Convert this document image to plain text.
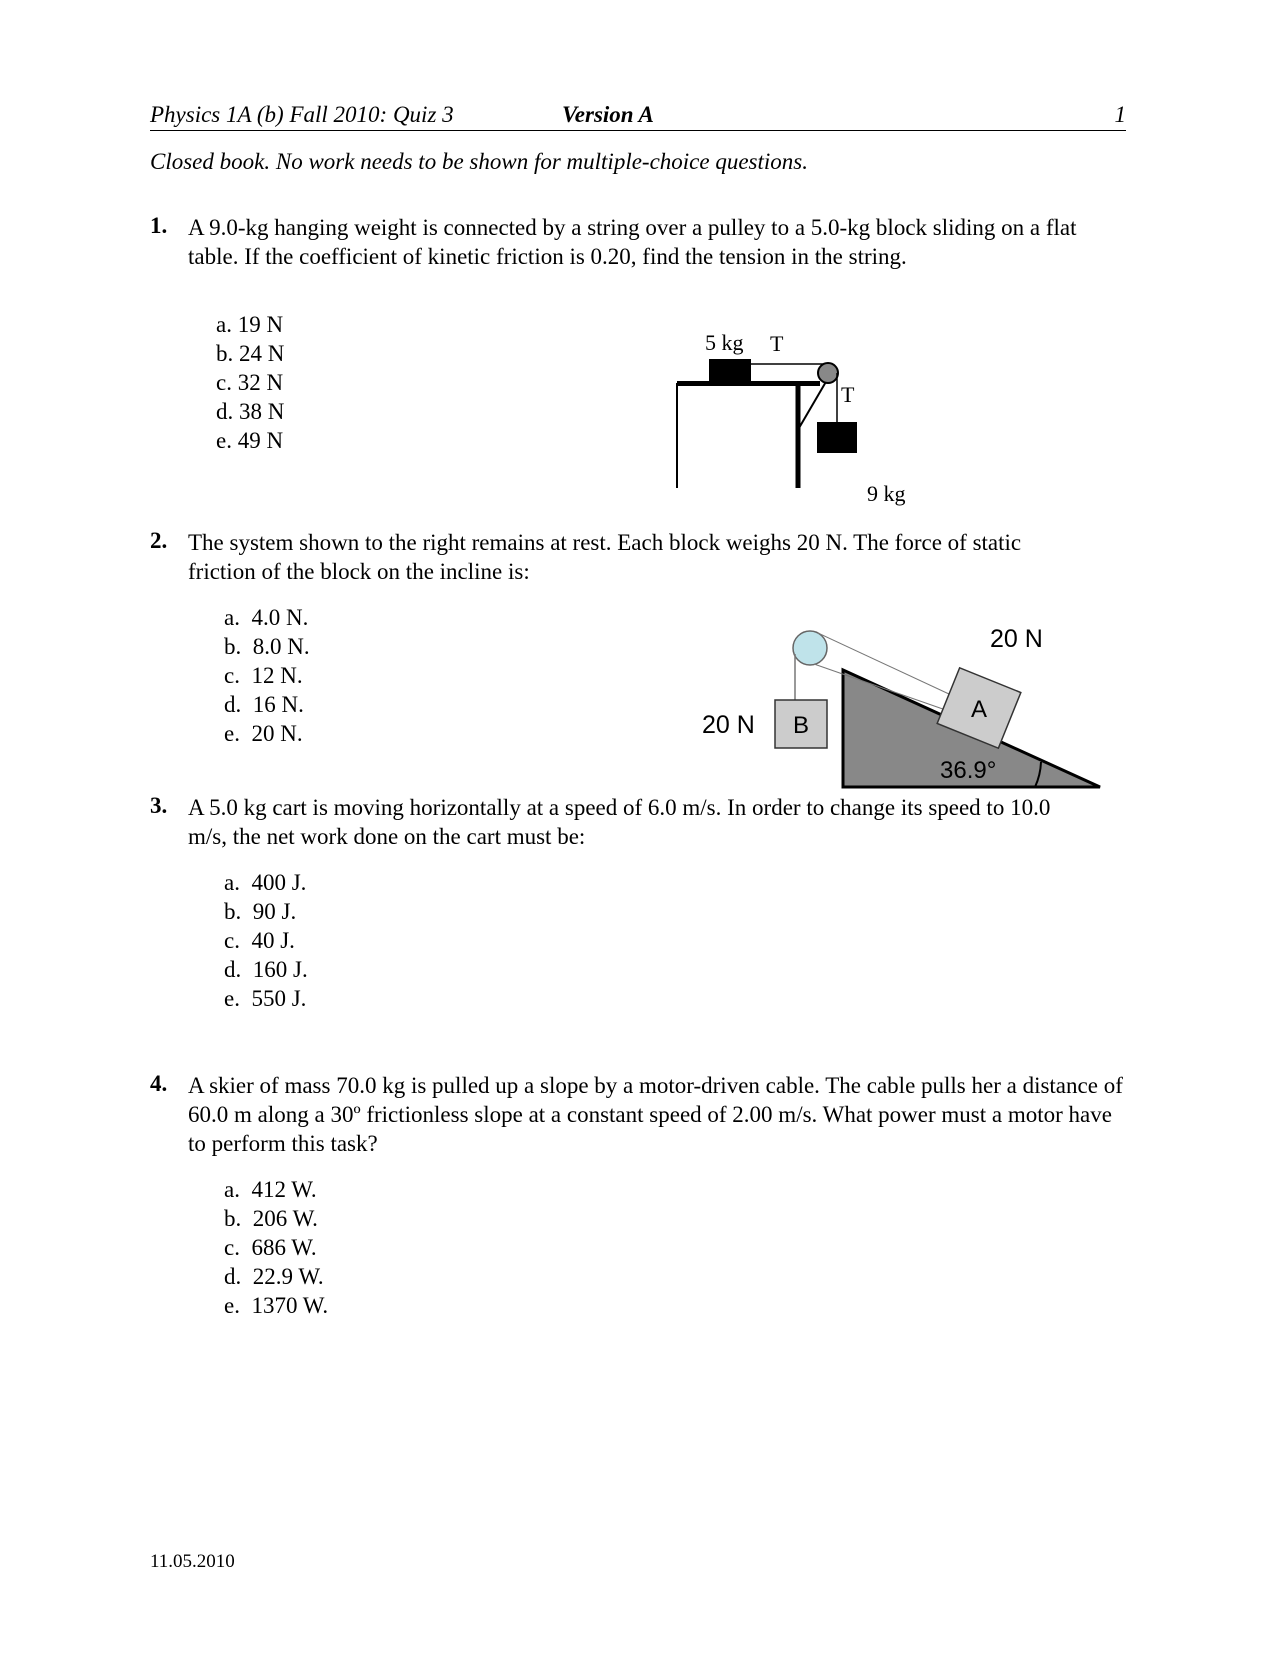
Physics 1A (b) Fall 2010: Quiz 3	Version A	1
Closed book. No work needs to be shown for multiple-choice questions.
1. A 9.0-kg hanging weight is connected by a string over a pulley to a 5.0-kg block sliding on a flat table. If the coefficient of kinetic friction is 0.20, find the tension in the string.
a. 19 N
b. 24 N
c. 32 N
d. 38 N
e. 49 N
5 kg T
T
9 kg
2. The system shown to the right remains at rest. Each block weighs 20 N. The force of static friction of the block on the incline is:
a.  4.0 N.
b.  8.0 N.
c.  12 N.
d.  16 N.
e.  20 N.
A
20 N
B
20 N
36.9°
3. A 5.0 kg cart is moving horizontally at a speed of 6.0 m/s. In order to change its speed to 10.0 m/s, the net work done on the cart must be:
a.  400 J.
b.  90 J.
c.  40 J.
d.  160 J.
e.  550 J.
4. A skier of mass 70.0 kg is pulled up a slope by a motor-driven cable. The cable pulls her a distance of 60.0 m along a 30º frictionless slope at a constant speed of 2.00 m/s. What power must a motor have to perform this task?
a.  412 W.
b.  206 W.
c.  686 W.
d.  22.9 W.
e.  1370 W.
11.05.2010
